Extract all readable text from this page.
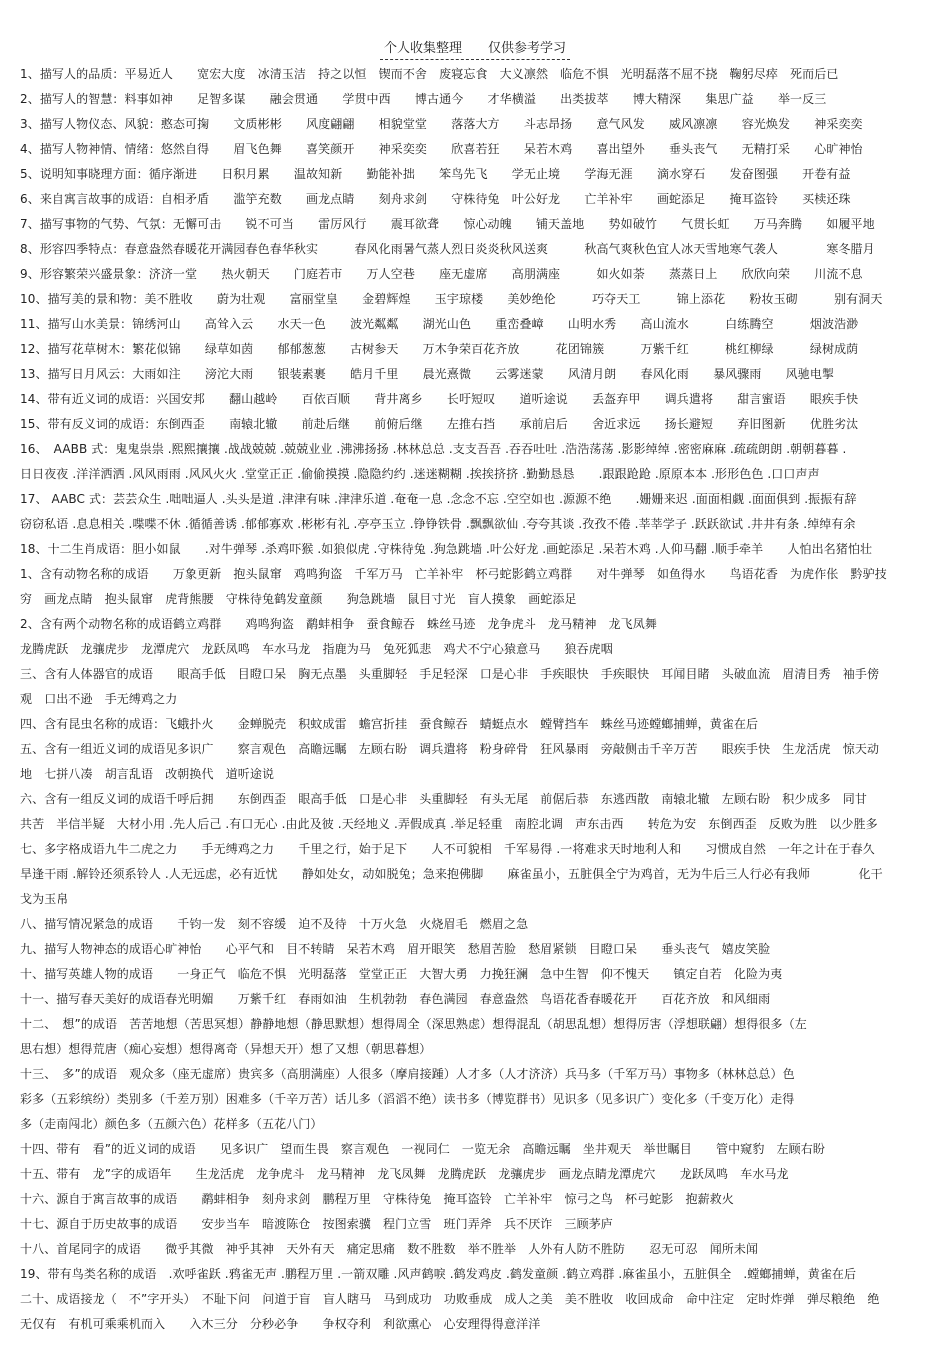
个人收集整理　　仅供参考学习
1、描写人的品质：平易近人　　宽宏大度　冰清玉洁　持之以恒　锲而不舍　废寝忘食　大义凛然　临危不惧　光明磊落不屈不挠　鞠躬尽瘁　死而后已
2、描写人的智慧：料事如神　　足智多谋　　融会贯通　　学贯中西　　博古通今　　才华横溢　　出类拔萃　　博大精深　　集思广益　　举一反三
3、描写人物仪态、风貌：憨态可掬　　文质彬彬　　风度翩翩　　相貌堂堂　　落落大方　　斗志昂扬　　意气风发　　威风凛凛　　容光焕发　　神采奕奕
4、描写人物神情、情绪：悠然自得　　眉飞色舞　　喜笑颜开　　神采奕奕　　欣喜若狂　　呆若木鸡　　喜出望外　　垂头丧气　　无精打采　　心旷神怡
5、说明知事晓理方面：循序渐进　　日积月累　　温故知新　　勤能补拙　　笨鸟先飞　　学无止境　　学海无涯　　滴水穿石　　发奋图强　　开卷有益
6、来自寓言故事的成语：自相矛盾　　滥竽充数　　画龙点睛　　刻舟求剑　　守株待兔　叶公好龙　　亡羊补牢　　画蛇添足　　掩耳盗铃　　买椟还珠
7、描写事物的气势、气氛：无懈可击　　锐不可当　　雷厉风行　　震耳欲聋　　惊心动魄　　铺天盖地　　势如破竹　　气贯长虹　　万马奔腾　　如履平地
8、形容四季特点：春意盎然春暖花开满园春色春华秋实　　　春风化雨暑气蒸人烈日炎炎秋风送爽　　　秋高气爽秋色宜人冰天雪地寒气袭人　　　　寒冬腊月
9、形容繁荣兴盛景象：济济一堂　　热火朝天　　门庭若市　　万人空巷　　座无虚席　　高朋满座　　　如火如荼　　蒸蒸日上　　欣欣向荣　　川流不息
10、描写美的景和物：美不胜收　　蔚为壮观　　富丽堂皇　　金碧辉煌　　玉宇琼楼　　美妙绝伦　　　巧夺天工　　　锦上添花　　粉妆玉砌　　　别有洞天
11、描写山水美景：锦绣河山　　高耸入云　　水天一色　　波光粼粼　　湖光山色　　重峦叠嶂　　山明水秀　　高山流水　　　白练腾空　　　烟波浩渺
12、描写花草树木：繁花似锦　　绿草如茵　　郁郁葱葱　　古树参天　　万木争荣百花齐放　　　花团锦簇　　　万紫千红　　　桃红柳绿　　　绿树成荫
13、描写日月风云：大雨如注　　滂沱大雨　　银装素裹　　皓月千里　　晨光熹微　　云雾迷蒙　　风清月朗　　春风化雨　　暴风骤雨　　风驰电掣
14、带有近义词的成语：兴国安邦　　翻山越岭　　百依百顺　　背井离乡　　长吁短叹　　道听途说　　丢盔弃甲　　调兵遣将　　甜言蜜语　　眼疾手快
15、带有反义词的成语：东倒西歪　　南辕北辙　　前赴后继　　前俯后继　　左推右挡　　承前启后　　舍近求远　　扬长避短　　弃旧图新　　优胜劣汰
16、　AABB 式：鬼鬼祟祟 .熙熙攘攘 .战战兢兢 .兢兢业业 .沸沸扬扬 .林林总总 .支支吾吾 .吞吞吐吐 .浩浩荡荡 .影影绰绰 .密密麻麻 .疏疏朗朗 .朝朝暮暮 .
日日夜夜 .洋洋洒洒 .风风雨雨 .风风火火 .堂堂正正 .偷偷摸摸 .隐隐约约 .迷迷糊糊 .挨挨挤挤 .勤勤恳恳　　.跟跟跄跄 .原原本本 .形形色色 .口口声声
17、 AABC 式：芸芸众生 .咄咄逼人 .头头是道 .津津有味 .津津乐道 .奄奄一息 .念念不忘 .空空如也 .源源不绝　　.姗姗来迟 .面面相觑 .面面俱到 .振振有辞
窃窃私语 .息息相关 .喋喋不休 .循循善诱 .郁郁寡欢 .彬彬有礼 .亭亭玉立 .铮铮铁骨 .飘飘欲仙 .夸夸其谈 .孜孜不倦 .莘莘学子 .跃跃欲试 .井井有条 .绰绰有余
18、十二生肖成语：胆小如鼠　　.对牛弹琴 .杀鸡吓猴 .如狼似虎 .守株待兔 .狗急跳墙 .叶公好龙 .画蛇添足 .呆若木鸡 .人仰马翻 .顺手牵羊　　人怕出名猪怕壮
1、含有动物名称的成语　　万象更新　抱头鼠窜　鸡鸣狗盗　千军万马　亡羊补牢　杯弓蛇影鹤立鸡群　　对牛弹琴　如鱼得水　　鸟语花香　为虎作伥　黔驴技
穷　画龙点睛　抱头鼠窜　虎背熊腰　守株待兔鹤发童颜　　狗急跳墙　鼠目寸光　盲人摸象　画蛇添足
2、含有两个动物名称的成语鹤立鸡群　　鸡鸣狗盗　鹬蚌相争　蚕食鲸吞　蛛丝马迹　龙争虎斗　龙马精神　龙飞凤舞
龙腾虎跃　龙骧虎步　龙潭虎穴　龙跃凤鸣　车水马龙　指鹿为马　兔死狐悲　鸡犬不宁心猿意马　　狼吞虎咽
三、含有人体器官的成语　　眼高手低　目瞪口呆　胸无点墨　头重脚轻　手足轻深　口是心非　手疾眼快　手疾眼快　耳闻目睹　头破血流　眉清目秀　袖手傍
观　口出不逊　手无缚鸡之力
四、含有昆虫名称的成语：飞蛾扑火　　金蝉脱壳　积蚊成雷　蟾宫折挂　蚕食鲸吞　蜻蜓点水　螳臂挡车　蛛丝马迹螳螂捕蝉，黄雀在后
五、含有一组近义词的成语见多识广　　察言观色　高瞻远瞩　左顾右盼　调兵遣将　粉身碎骨　狂风暴雨　旁敲侧击千辛万苦　　眼疾手快　生龙活虎　惊天动
地　七拼八凑　胡言乱语　改朝换代　道听途说
六、含有一组反义词的成语千呼后拥　　东倒西歪　眼高手低　口是心非　头重脚轻　有头无尾　前倨后恭　东逃西散　南辕北辙　左顾右盼　积少成多　同甘
共苦　半信半疑　大材小用 .先人后己 .有口无心 .由此及彼 .天经地义 .弄假成真 .举足轻重　南腔北调　声东击西　　转危为安　东倒西歪　反败为胜　以少胜多
七、多字格成语九牛二虎之力　　手无缚鸡之力　　千里之行，始于足下　　人不可貌相　千军易得 .一将难求天时地利人和　　习惯成自然　一年之计在于春久
旱逢干雨 .解铃还须系铃人 .人无远虑，必有近忧　　静如处女，动如脱兔；急来抱佛脚　　麻雀虽小，五脏俱全宁为鸡首，无为牛后三人行必有我师　　　　化干
戈为玉帛
八、描写情况紧急的成语　　千钧一发　刻不容缓　迫不及待　十万火急　火烧眉毛　燃眉之急
九、描写人物神态的成语心旷神怡　　心平气和　目不转睛　呆若木鸡　眉开眼笑　愁眉苦脸　愁眉紧锁　目瞪口呆　　垂头丧气　嬉皮笑脸
十、描写英雄人物的成语　　一身正气　临危不惧　光明磊落　堂堂正正　大智大勇　力挽狂澜　急中生智　仰不愧天　　镇定自若　化险为夷
十一、描写春天美好的成语春光明媚　　万紫千红　春雨如油　生机勃勃　春色满园　春意盎然　鸟语花香春暖花开　　百花齐放　和风细雨
十二、　想”的成语　苦苦地想（苦思冥想）静静地想（静思默想）想得周全（深思熟虑）想得混乱（胡思乱想）想得厉害（浮想联翩）想得很多（左
思右想）想得荒唐（痴心妄想）想得离奇（异想天开）想了又想（朝思暮想）
十三、　多”的成语　观众多（座无虚席）贵宾多（高朋满座）人很多（摩肩接踵）人才多（人才济济）兵马多（千军万马）事物多（林林总总）色
彩多（五彩缤纷）类别多（千差万别）困难多（千辛万苦）话儿多（滔滔不绝）读书多（博览群书）见识多（见多识广）变化多（千变万化）走得
多（走南闯北）颜色多（五颜六色）花样多（五花八门）
十四、带有　看”的近义词的成语　　见多识广　望而生畏　察言观色　一视同仁　一览无余　高瞻远瞩　坐井观天　举世瞩目　　管中窥豹　左顾右盼
十五、带有　龙”字的成语年　　生龙活虎　龙争虎斗　龙马精神　龙飞凤舞　龙腾虎跃　龙骧虎步　画龙点睛龙潭虎穴　　龙跃凤鸣　车水马龙
十六、源自于寓言故事的成语　　鹬蚌相争　刻舟求剑　鹏程万里　守株待兔　掩耳盗铃　亡羊补牢　惊弓之鸟　杯弓蛇影　抱薪救火
十七、源自于历史故事的成语　　安步当车　暗渡陈仓　按图索骥　程门立雪　班门弄斧　兵不厌诈　三顾茅庐
十八、首尾同字的成语　　微乎其微　神乎其神　天外有天　痛定思痛　数不胜数　举不胜举　人外有人防不胜防　　忍无可忍　闻所未闻
19、带有鸟类名称的成语　.欢呼雀跃 .鸦雀无声 .鹏程万里 .一箭双雕 .风声鹤唳 .鹤发鸡皮 .鹤发童颜 .鹤立鸡群 .麻雀虽小，五脏俱全　.螳螂捕蝉，黄雀在后
二十、成语接龙（　不”字开头）　不耻下问　问道于盲　盲人瞎马　马到成功　功败垂成　成人之美　美不胜收　收回成命　命中注定　定时炸弹　弹尽粮绝　绝
无仅有　有机可乘乘机而入　　入木三分　分秒必争　　争权夺利　利欲熏心　心安理得得意洋洋
